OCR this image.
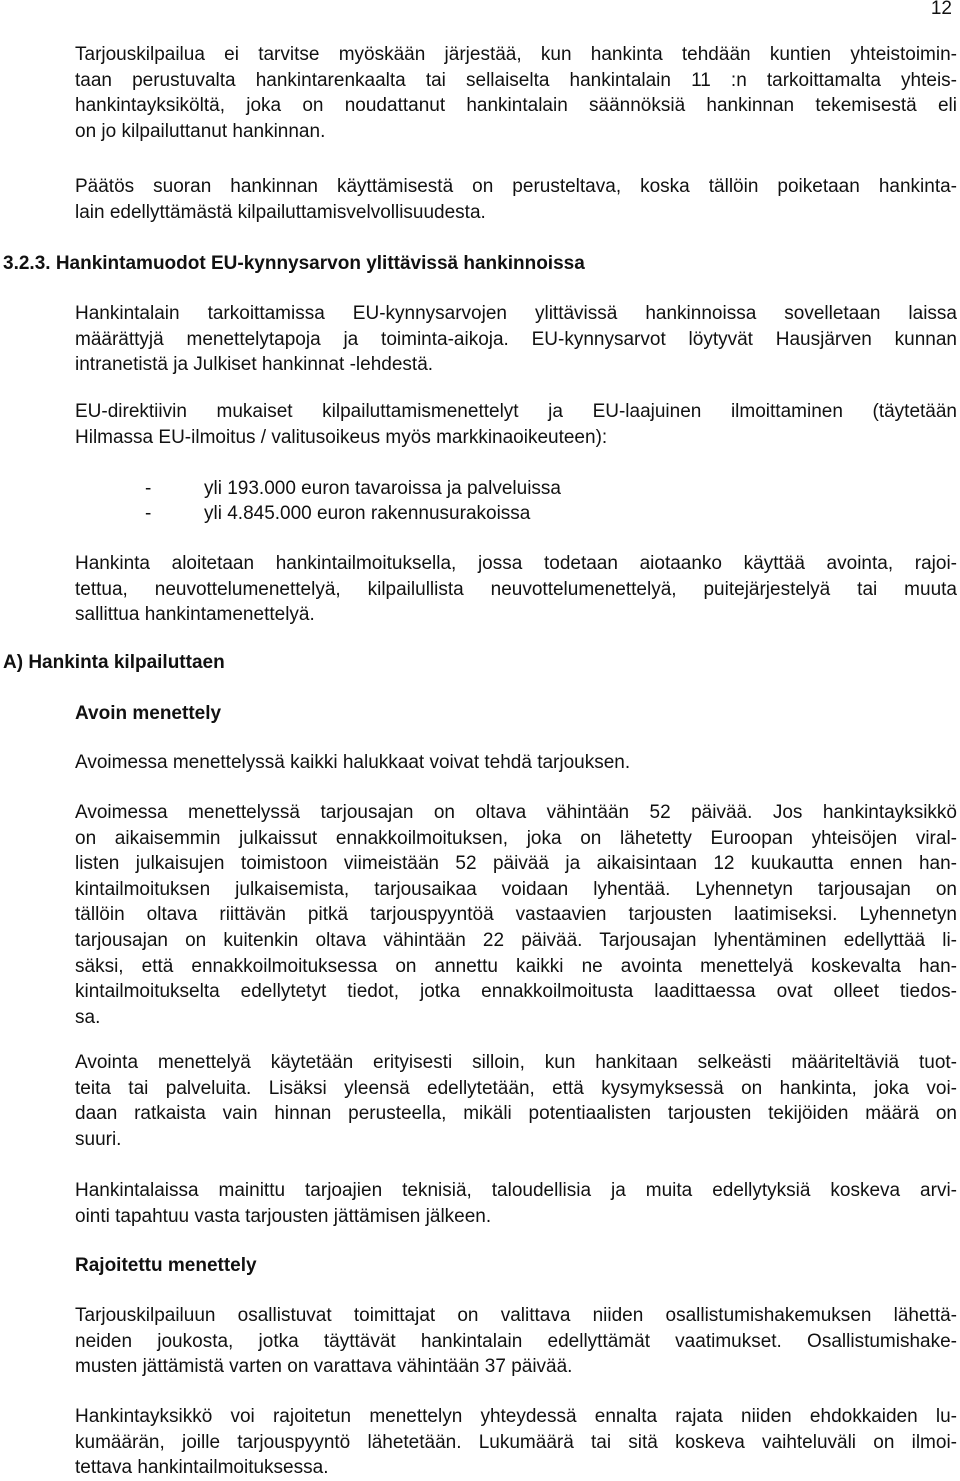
12

Tarjouskilpailua ei tarvitse myöskään järjestää, kun hankinta tehdään kuntien yhteistoimin-
taan perustuvalta hankintarenkaalta tai sellaiselta hankintalain 11 :n tarkoittamalta yhteis-
hankintayksiköltä, joka on noudattanut hankintalain säännöksiä hankinnan tekemisestä eli
on jo kilpailuttanut hankinnan.

Päätös suoran hankinnan käyttämisestä on perusteltava, koska tällöin poiketaan hankinta-
lain edellyttämästä kilpailuttamisvelvollisuudesta.

3.2.3. Hankintamuodot EU-kynnysarvon ylittävissä hankinnoissa

Hankintalain tarkoittamissa EU-kynnysarvojen ylittävissä hankinnoissa sovelletaan laissa
määrättyjä menettelytapoja ja toiminta-aikoja. EU-kynnysarvot löytyvät Hausjärven kunnan
intranetistä ja Julkiset hankinnat -lehdestä.

EU-direktiivin mukaiset kilpailuttamismenettelyt ja EU-laajuinen ilmoittaminen (täytetään
Hilmassa EU-ilmoitus / valitusoikeus myös markkinaoikeuteen):

-	yli 193.000 euron tavaroissa ja palveluissa

-	yli 4.845.000 euron rakennusurakoissa

Hankinta aloitetaan hankintailmoituksella, jossa todetaan aiotaanko käyttää avointa, rajoi-
tettua, neuvottelumenettelyä, kilpailullista neuvottelumenettelyä, puitejärjestelyä tai muuta
sallittua hankintamenettelyä.

A) Hankinta kilpailuttaen

Avoin menettely

Avoimessa menettelyssä kaikki halukkaat voivat tehdä tarjouksen.

Avoimessa menettelyssä tarjousajan on oltava vähintään 52 päivää. Jos hankintayksikkö
on aikaisemmin julkaissut ennakkoilmoituksen, joka on lähetetty Euroopan yhteisöjen viral-
listen julkaisujen toimistoon viimeistään 52 päivää ja aikaisintaan 12 kuukautta ennen han-
kintailmoituksen julkaisemista, tarjousaikaa voidaan lyhentää. Lyhennetyn tarjousajan on
tällöin oltava riittävän pitkä tarjouspyyntöä vastaavien tarjousten laatimiseksi. Lyhennetyn
tarjousajan on kuitenkin oltava vähintään 22 päivää. Tarjousajan lyhentäminen edellyttää li-
säksi, että ennakkoilmoituksessa on annettu kaikki ne avointa menettelyä koskevalta han-
kintailmoitukselta edellytetyt tiedot, jotka ennakkoilmoitusta laadittaessa ovat olleet tiedos-
sa.

Avointa menettelyä käytetään erityisesti silloin, kun hankitaan selkeästi määriteltäviä tuot-
teita tai palveluita. Lisäksi yleensä edellytetään, että kysymyksessä on hankinta, joka voi-
daan ratkaista vain hinnan perusteella, mikäli potentiaalisten tarjousten tekijöiden määrä on
suuri.

Hankintalaissa mainittu tarjoajien teknisiä, taloudellisia ja muita edellytyksiä koskeva arvi-
ointi tapahtuu vasta tarjousten jättämisen jälkeen.

Rajoitettu menettely

Tarjouskilpailuun osallistuvat toimittajat on valittava niiden osallistumishakemuksen lähettä-
neiden joukosta, jotka täyttävät hankintalain edellyttämät vaatimukset. Osallistumishake-
musten jättämistä varten on varattava vähintään 37 päivää.

Hankintayksikkö voi rajoitetun menettelyn yhteydessä ennalta rajata niiden ehdokkaiden lu-
kumäärän, joille tarjouspyyntö lähetetään. Lukumäärä tai sitä koskeva vaihteluväli on ilmoi-
tettava hankintailmoituksessa.
